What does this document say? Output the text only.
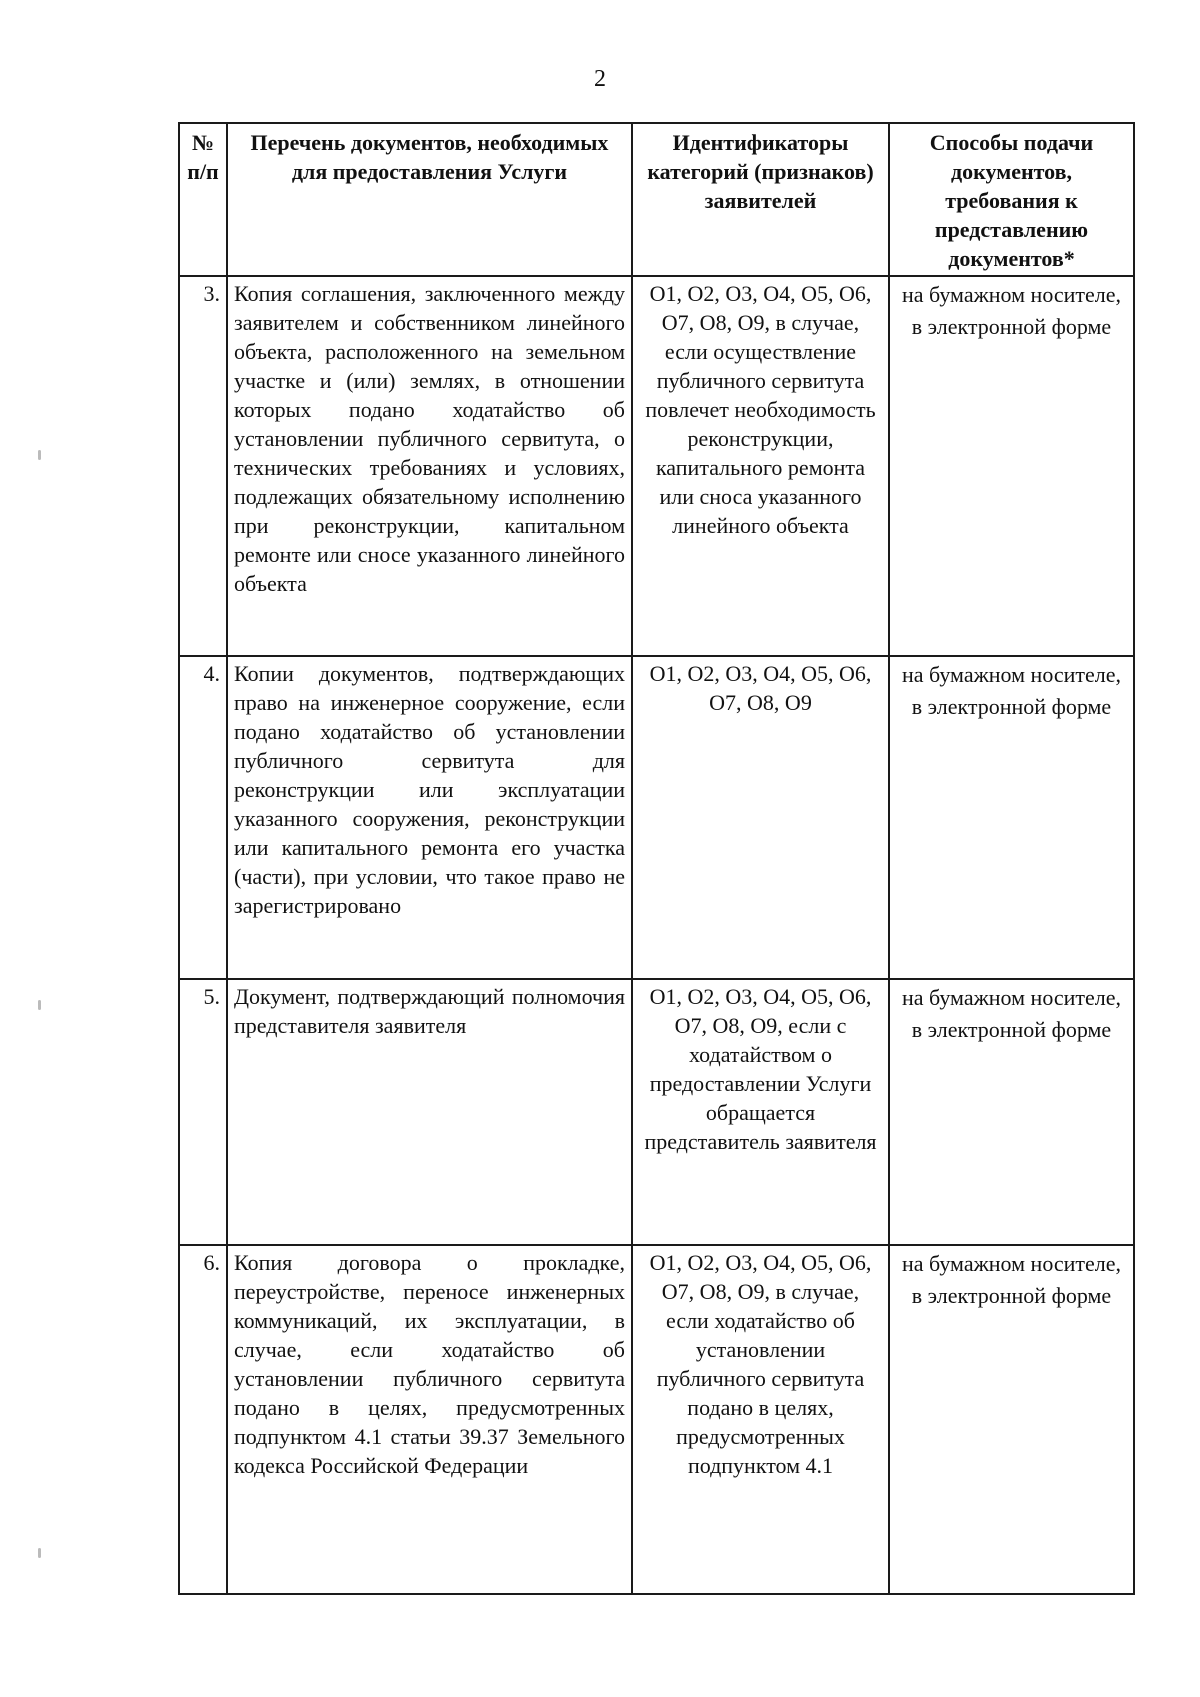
2
№ п/п	Перечень документов, необходимых для предоставления Услуги	Идентификаторы категорий (признаков) заявителей	Способы подачи документов, требования к представлению документов*
3.	Копия соглашения, заключенного между заявителем и собственником линейного объекта, расположенного на земельном участке и (или) землях, в отношении которых подано ходатайство об установлении публичного сервитута, о технических требованиях и условиях, подлежащих обязательному исполнению при реконструкции, капитальном ремонте или сносе указанного линейного объекта	О1, О2, О3, О4, О5, О6, О7, О8, О9, в случае, если осуществление публичного сервитута повлечет необходимость реконструкции, капитального ремонта или сноса указанного линейного объекта	на бумажном носителе, в электронной форме
4.	Копии документов, подтверждающих право на инженерное сооружение, если подано ходатайство об установлении публичного сервитута для реконструкции или эксплуатации указанного сооружения, реконструкции или капитального ремонта его участка (части), при условии, что такое право не зарегистрировано	О1, О2, О3, О4, О5, О6, О7, О8, О9	на бумажном носителе, в электронной форме
5.	Документ, подтверждающий полномочия представителя заявителя	О1, О2, О3, О4, О5, О6, О7, О8, О9, если с ходатайством о предоставлении Услуги обращается представитель заявителя	на бумажном носителе, в электронной форме
6.	Копия договора о прокладке, переустройстве, переносе инженерных коммуникаций, их эксплуатации, в случае, если ходатайство об установлении публичного сервитута подано в целях, предусмотренных подпунктом 4.1 статьи 39.37 Земельного кодекса Российской Федерации	О1, О2, О3, О4, О5, О6, О7, О8, О9, в случае, если ходатайство об установлении публичного сервитута подано в целях, предусмотренных подпунктом 4.1	на бумажном носителе, в электронной форме
